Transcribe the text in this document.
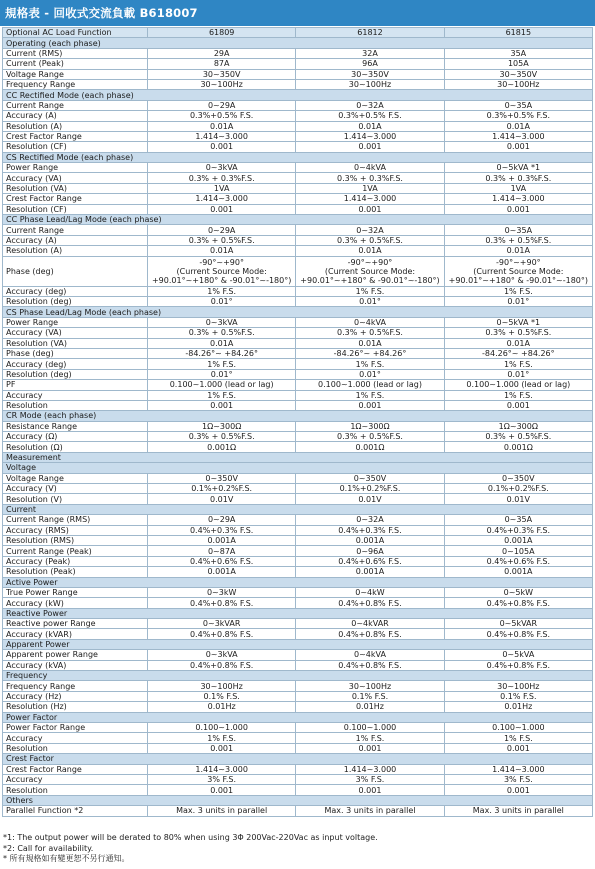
規格表 - 回收式交流負載 B618007
Optional AC Load Function	61809	61812	61815
Operating (each phase)			
Current (RMS)	29A	32A	35A
Current (Peak)	87A	96A	105A
Voltage Range	30~350V	30~350V	30~350V
Frequency Range	30~100Hz	30~100Hz	30~100Hz
CC Rectified Mode (each phase)			
Current Range	0~29A	0~32A	0~35A
Accuracy (A)	0.3%+0.5% F.S.	0.3%+0.5% F.S.	0.3%+0.5% F.S.
Resolution (A)	0.01A	0.01A	0.01A
Crest Factor Range	1.414~3.000	1.414~3.000	1.414~3.000
Resolution (CF)	0.001	0.001	0.001
CS Rectified Mode (each phase)			
Power Range	0~3kVA	0~4kVA	0~5kVA *1
Accuracy (VA)	0.3% + 0.3%F.S.	0.3% + 0.3%F.S.	0.3% + 0.3%F.S.
Resolution (VA)	1VA	1VA	1VA
Crest Factor Range	1.414~3.000	1.414~3.000	1.414~3.000
Resolution (CF)	0.001	0.001	0.001
CC Phase Lead/Lag Mode (each phase)			
Current Range	0~29A	0~32A	0~35A
Accuracy (A)	0.3% + 0.5%F.S.	0.3% + 0.5%F.S.	0.3% + 0.5%F.S.
Resolution (A)	0.01A	0.01A	0.01A
Phase (deg)	-90°~+90°
(Current Source Mode:
+90.01°~+180° & -90.01°~-180°)	-90°~+90°
(Current Source Mode:
+90.01°~+180° & -90.01°~-180°)	-90°~+90°
(Current Source Mode:
+90.01°~+180° & -90.01°~-180°)
Accuracy (deg)	1% F.S.	1% F.S.	1% F.S.
Resolution (deg)	0.01°	0.01°	0.01°
CS Phase Lead/Lag Mode (each phase)			
Power Range	0~3kVA	0~4kVA	0~5kVA *1
Accuracy (VA)	0.3% + 0.5%F.S.	0.3% + 0.5%F.S.	0.3% + 0.5%F.S.
Resolution (VA)	0.01A	0.01A	0.01A
Phase (deg)	-84.26°~ +84.26°	-84.26°~ +84.26°	-84.26°~ +84.26°
Accuracy (deg)	1% F.S.	1% F.S.	1% F.S.
Resolution (deg)	0.01°	0.01°	0.01°
PF	0.100~1.000 (lead or lag)	0.100~1.000 (lead or lag)	0.100~1.000 (lead or lag)
Accuracy	1% F.S.	1% F.S.	1% F.S.
Resolution	0.001	0.001	0.001
CR Mode (each phase)			
Resistance Range	1Ω~300Ω	1Ω~300Ω	1Ω~300Ω
Accuracy (Ω)	0.3% + 0.5%F.S.	0.3% + 0.5%F.S.	0.3% + 0.5%F.S.
Resolution (Ω)	0.001Ω	0.001Ω	0.001Ω
Measurement			
Voltage			
Voltage Range	0~350V	0~350V	0~350V
Accuracy (V)	0.1%+0.2%F.S.	0.1%+0.2%F.S.	0.1%+0.2%F.S.
Resolution (V)	0.01V	0.01V	0.01V
Current			
Current Range (RMS)	0~29A	0~32A	0~35A
Accuracy (RMS)	0.4%+0.3% F.S.	0.4%+0.3% F.S.	0.4%+0.3% F.S.
Resolution (RMS)	0.001A	0.001A	0.001A
Current Range (Peak)	0~87A	0~96A	0~105A
Accuracy (Peak)	0.4%+0.6% F.S.	0.4%+0.6% F.S.	0.4%+0.6% F.S.
Resolution (Peak)	0.001A	0.001A	0.001A
Active Power			
True Power Range	0~3kW	0~4kW	0~5kW
Accuracy (kW)	0.4%+0.8% F.S.	0.4%+0.8% F.S.	0.4%+0.8% F.S.
Reactive Power			
Reactive power Range	0~3kVAR	0~4kVAR	0~5kVAR
Accuracy (kVAR)	0.4%+0.8% F.S.	0.4%+0.8% F.S.	0.4%+0.8% F.S.
Apparent Power			
Apparent power Range	0~3kVA	0~4kVA	0~5kVA
Accuracy (kVA)	0.4%+0.8% F.S.	0.4%+0.8% F.S.	0.4%+0.8% F.S.
Frequency			
Frequency Range	30~100Hz	30~100Hz	30~100Hz
Accuracy (Hz)	0.1% F.S.	0.1% F.S.	0.1% F.S.
Resolution (Hz)	0.01Hz	0.01Hz	0.01Hz
Power Factor			
Power Factor Range	0.100~1.000	0.100~1.000	0.100~1.000
Accuracy	1% F.S.	1% F.S.	1% F.S.
Resolution	0.001	0.001	0.001
Crest Factor			
Crest Factor Range	1.414~3.000	1.414~3.000	1.414~3.000
Accuracy	3% F.S.	3% F.S.	3% F.S.
Resolution	0.001	0.001	0.001
Others			
Parallel Function *2	Max. 3 units in parallel	Max. 3 units in parallel	Max. 3 units in parallel
*1: The output power will be derated to 80% when using 3Φ 200Vac-220Vac as input voltage.
*2: Call for availability.
* 所有規格如有變更恕不另行通知。
